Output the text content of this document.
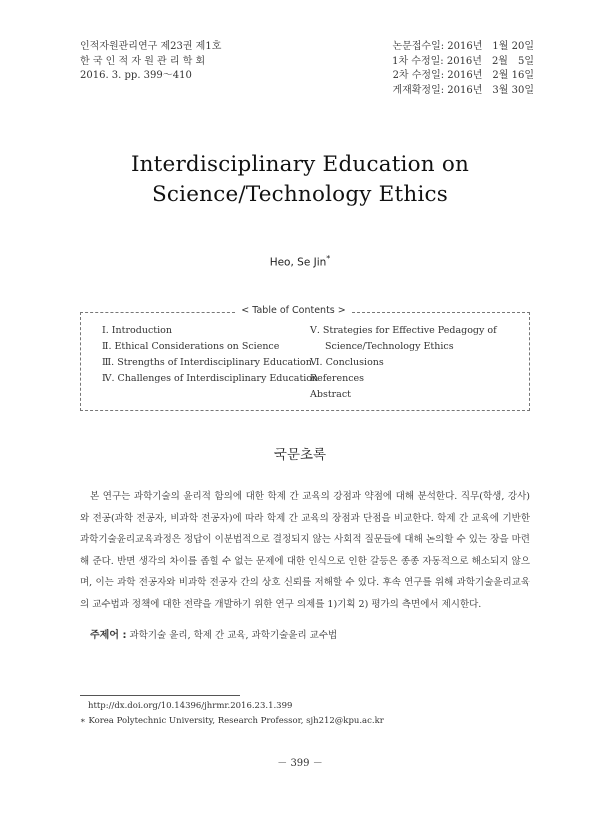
인적자원관리연구 제23권 제1호
한 국 인 적 자 원 관 리 학 회
2016. 3. pp. 399～410
논문접수일: 2016년　1월 20일
1차 수정일: 2016년　2월　5일
2차 수정일: 2016년　2월 16일
게재확정일: 2016년　3월 30일
Interdisciplinary Education on
Science/Technology Ethics
Heo, Se Jin*
< Table of Contents >
Ⅰ. Introduction
Ⅱ. Ethical Considerations on Science
Ⅲ. Strengths of Interdisciplinary Education
Ⅳ. Challenges of Interdisciplinary Education
Ⅴ. Strategies for Effective Pedagogy of
Science/Technology Ethics
Ⅵ. Conclusions
References
Abstract
국문초록

본 연구는 과학기술의 윤리적 함의에 대한 학제 간 교육의 강점과 약점에 대해 분석한다. 직무(학생, 강사)와 전공(과학 전공자, 비과학 전공자)에 따라 학제 간 교육의 장점과 단점을 비교한다. 학제 간 교육에 기반한 과학기술윤리교육과정은 정답이 이분법적으로 결정되지 않는 사회적 질문들에 대해 논의할 수 있는 장을 마련해 준다. 반면 생각의 차이를 좁힐 수 없는 문제에 대한 인식으로 인한 갈등은 종종 자동적으로 해소되지 않으며, 이는 과학 전공자와 비과학 전공자 간의 상호 신뢰를 저해할 수 있다. 후속 연구를 위해 과학기술윤리교육의 교수법과 정책에 대한 전략을 개발하기 위한 연구 의제를 1)기획 2) 평가의 측면에서 제시한다.

주제어 : 과학기술 윤리, 학제 간 교육, 과학기술윤리 교수법
http://dx.doi.org/10.14396/jhrmr.2016.23.1.399
∗ Korea Polytechnic University, Research Professor, sjh212@kpu.ac.kr
－ 399 －
